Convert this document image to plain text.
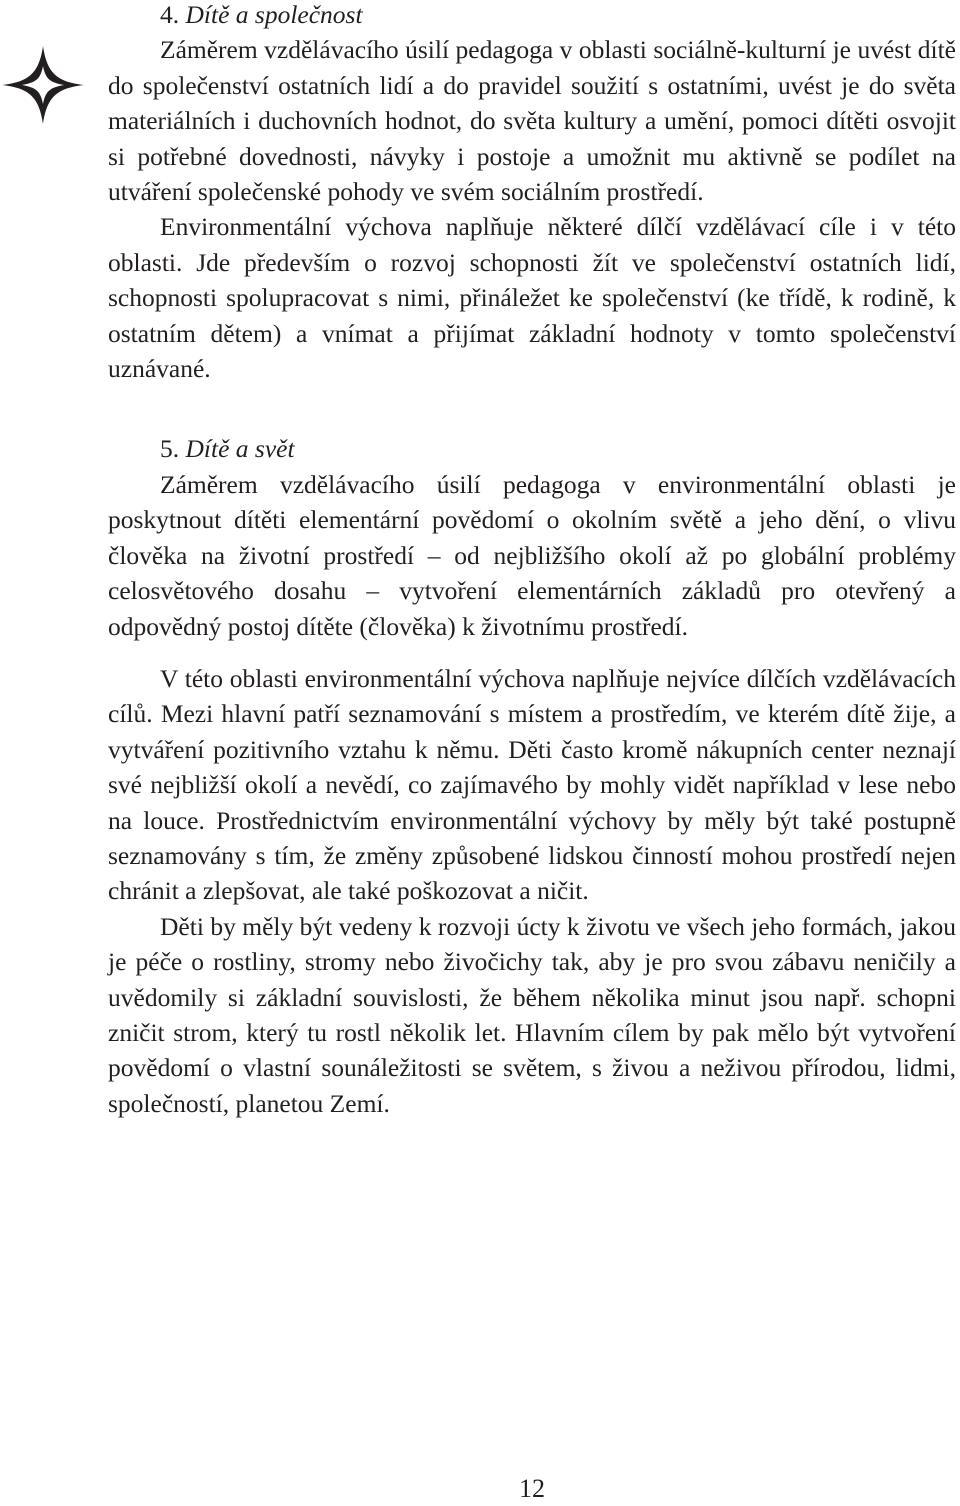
4. Dítě a společnost

Záměrem vzdělávacího úsilí pedagoga v oblasti sociálně-kulturní je uvést dítě do společenství ostatních lidí a do pravidel soužití s ostatními, uvést je do světa materiálních i duchovních hodnot, do světa kultury a umění, pomoci dítěti osvojit si potřebné dovednosti, návyky i postoje a umožnit mu aktivně se podílet na utváření společenské pohody ve svém sociálním prostředí.

Environmentální výchova naplňuje některé dílčí vzdělávací cíle i v této oblasti. Jde především o rozvoj schopnosti žít ve společenství ostatních lidí, schopnosti spolupracovat s nimi, přináležet ke společenství (ke třídě, k rodině, k ostatním dětem) a vnímat a přijímat základní hodnoty v tomto společenství uznávané.

5. Dítě a svět

Záměrem vzdělávacího úsilí pedagoga v environmentální oblasti je poskytnout dítěti elementární povědomí o okolním světě a jeho dění, o vlivu člověka na životní prostředí – od nejbližšího okolí až po globální problémy celosvětového dosahu – vytvoření elementárních základů pro otevřený a odpovědný postoj dítěte (člověka) k životnímu prostředí.

V této oblasti environmentální výchova naplňuje nejvíce dílčích vzdělávacích cílů. Mezi hlavní patří seznamování s místem a prostředím, ve kterém dítě žije, a vytváření pozitivního vztahu k němu. Děti často kromě nákupních center neznají své nejbližší okolí a nevědí, co zajímavého by mohly vidět například v lese nebo na louce. Prostřednictvím environmentální výchovy by měly být také postupně seznamovány s tím, že změny způsobené lidskou činností mohou prostředí nejen chránit a zlepšovat, ale také poškozovat a ničit.

Děti by měly být vedeny k rozvoji úcty k životu ve všech jeho formách, jakou je péče o rostliny, stromy nebo živočichy tak, aby je pro svou zábavu neničily a uvědomily si základní souvislosti, že během několika minut jsou např. schopni zničit strom, který tu rostl několik let. Hlavním cílem by pak mělo být vytvoření povědomí o vlastní sounáležitosti se světem, s živou a neživou přírodou, lidmi, společností, planetou Zemí.

12
